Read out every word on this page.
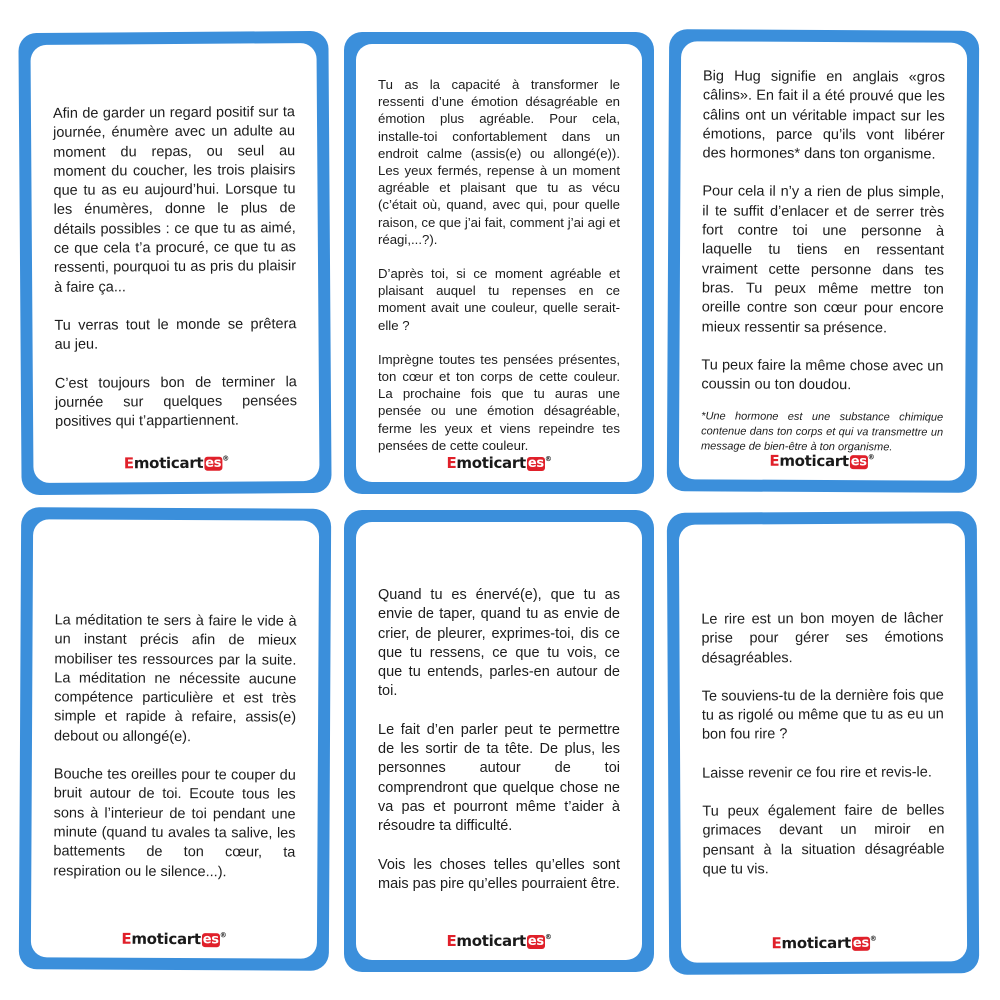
Afin de garder un regard positif sur ta journée, énumère avec un adulte au moment du repas, ou seul au moment du coucher, les trois plaisirs que tu as eu aujourd’hui. Lorsque tu les énumères, donne le plus de détails possibles : ce que tu as aimé, ce que cela t’a procuré, ce que tu as ressenti, pourquoi tu as pris du plaisir à faire ça...

Tu verras tout le monde se prêtera au jeu.

C’est toujours bon de terminer la journée sur quelques pensées positives qui t’appartiennent.

Emoticart es®

Tu as la capacité à transformer le ressenti d’une émotion désagréable en émotion plus agréable. Pour cela, installe-toi confortablement dans un endroit calme (assis(e) ou allongé(e)). Les yeux fermés, repense à un moment agréable et plaisant que tu as vécu (c’était où, quand, avec qui, pour quelle raison, ce que j’ai fait, comment j’ai agi et réagi,...?).

D’après toi, si ce moment agréable et plaisant auquel tu repenses en ce moment avait une couleur, quelle serait-elle ?

Imprègne toutes tes pensées présentes, ton cœur et ton corps de cette couleur. La prochaine fois que tu auras une pensée ou une émotion désagréable, ferme les yeux et viens repeindre tes pensées de cette couleur.

Emoticart es®

Big Hug signifie en anglais «gros câlins». En fait il a été prouvé que les câlins ont un véritable impact sur les émotions, parce qu’ils vont libérer des hormones* dans ton organisme.

Pour cela il n’y a rien de plus simple, il te suffit d’enlacer et de serrer très fort contre toi une personne à laquelle tu tiens en ressentant vraiment cette personne dans tes bras. Tu peux même mettre ton oreille contre son cœur pour encore mieux ressentir sa présence.

Tu peux faire la même chose avec un coussin ou ton doudou.

*Une hormone est une substance chimique contenue dans ton corps et qui va transmettre un message de bien-être à ton organisme.

Emoticart es®

La méditation te sers à faire le vide à un instant précis afin de mieux mobiliser tes ressources par la suite. La méditation ne nécessite aucune compétence particulière et est très simple et rapide à refaire, assis(e) debout ou allongé(e).

Bouche tes oreilles pour te couper du bruit autour de toi. Ecoute tous les sons à l’interieur de toi pendant une minute (quand tu avales ta salive, les battements de ton cœur, ta respiration ou le silence...).

Emoticart es®

Quand tu es énervé(e), que tu as envie de taper, quand tu as envie de crier, de pleurer, exprimes-toi, dis ce que tu ressens, ce que tu vois, ce que tu entends, parles-en autour de toi.

Le fait d’en parler peut te permettre de les sortir de ta tête. De plus, les personnes autour de toi comprendront que quelque chose ne va pas et pourront même t’aider à résoudre ta difficulté.

Vois les choses telles qu’elles sont mais pas pire qu’elles pourraient être.

Emoticart es®

Le rire est un bon moyen de lâcher prise pour gérer ses émotions désagréables.

Te souviens-tu de la dernière fois que tu as rigolé ou même que tu as eu un bon fou rire ?

Laisse revenir ce fou rire et revis-le.

Tu peux également faire de belles grimaces devant un miroir en pensant à la situation désagréable que tu vis.

Emoticart es®
